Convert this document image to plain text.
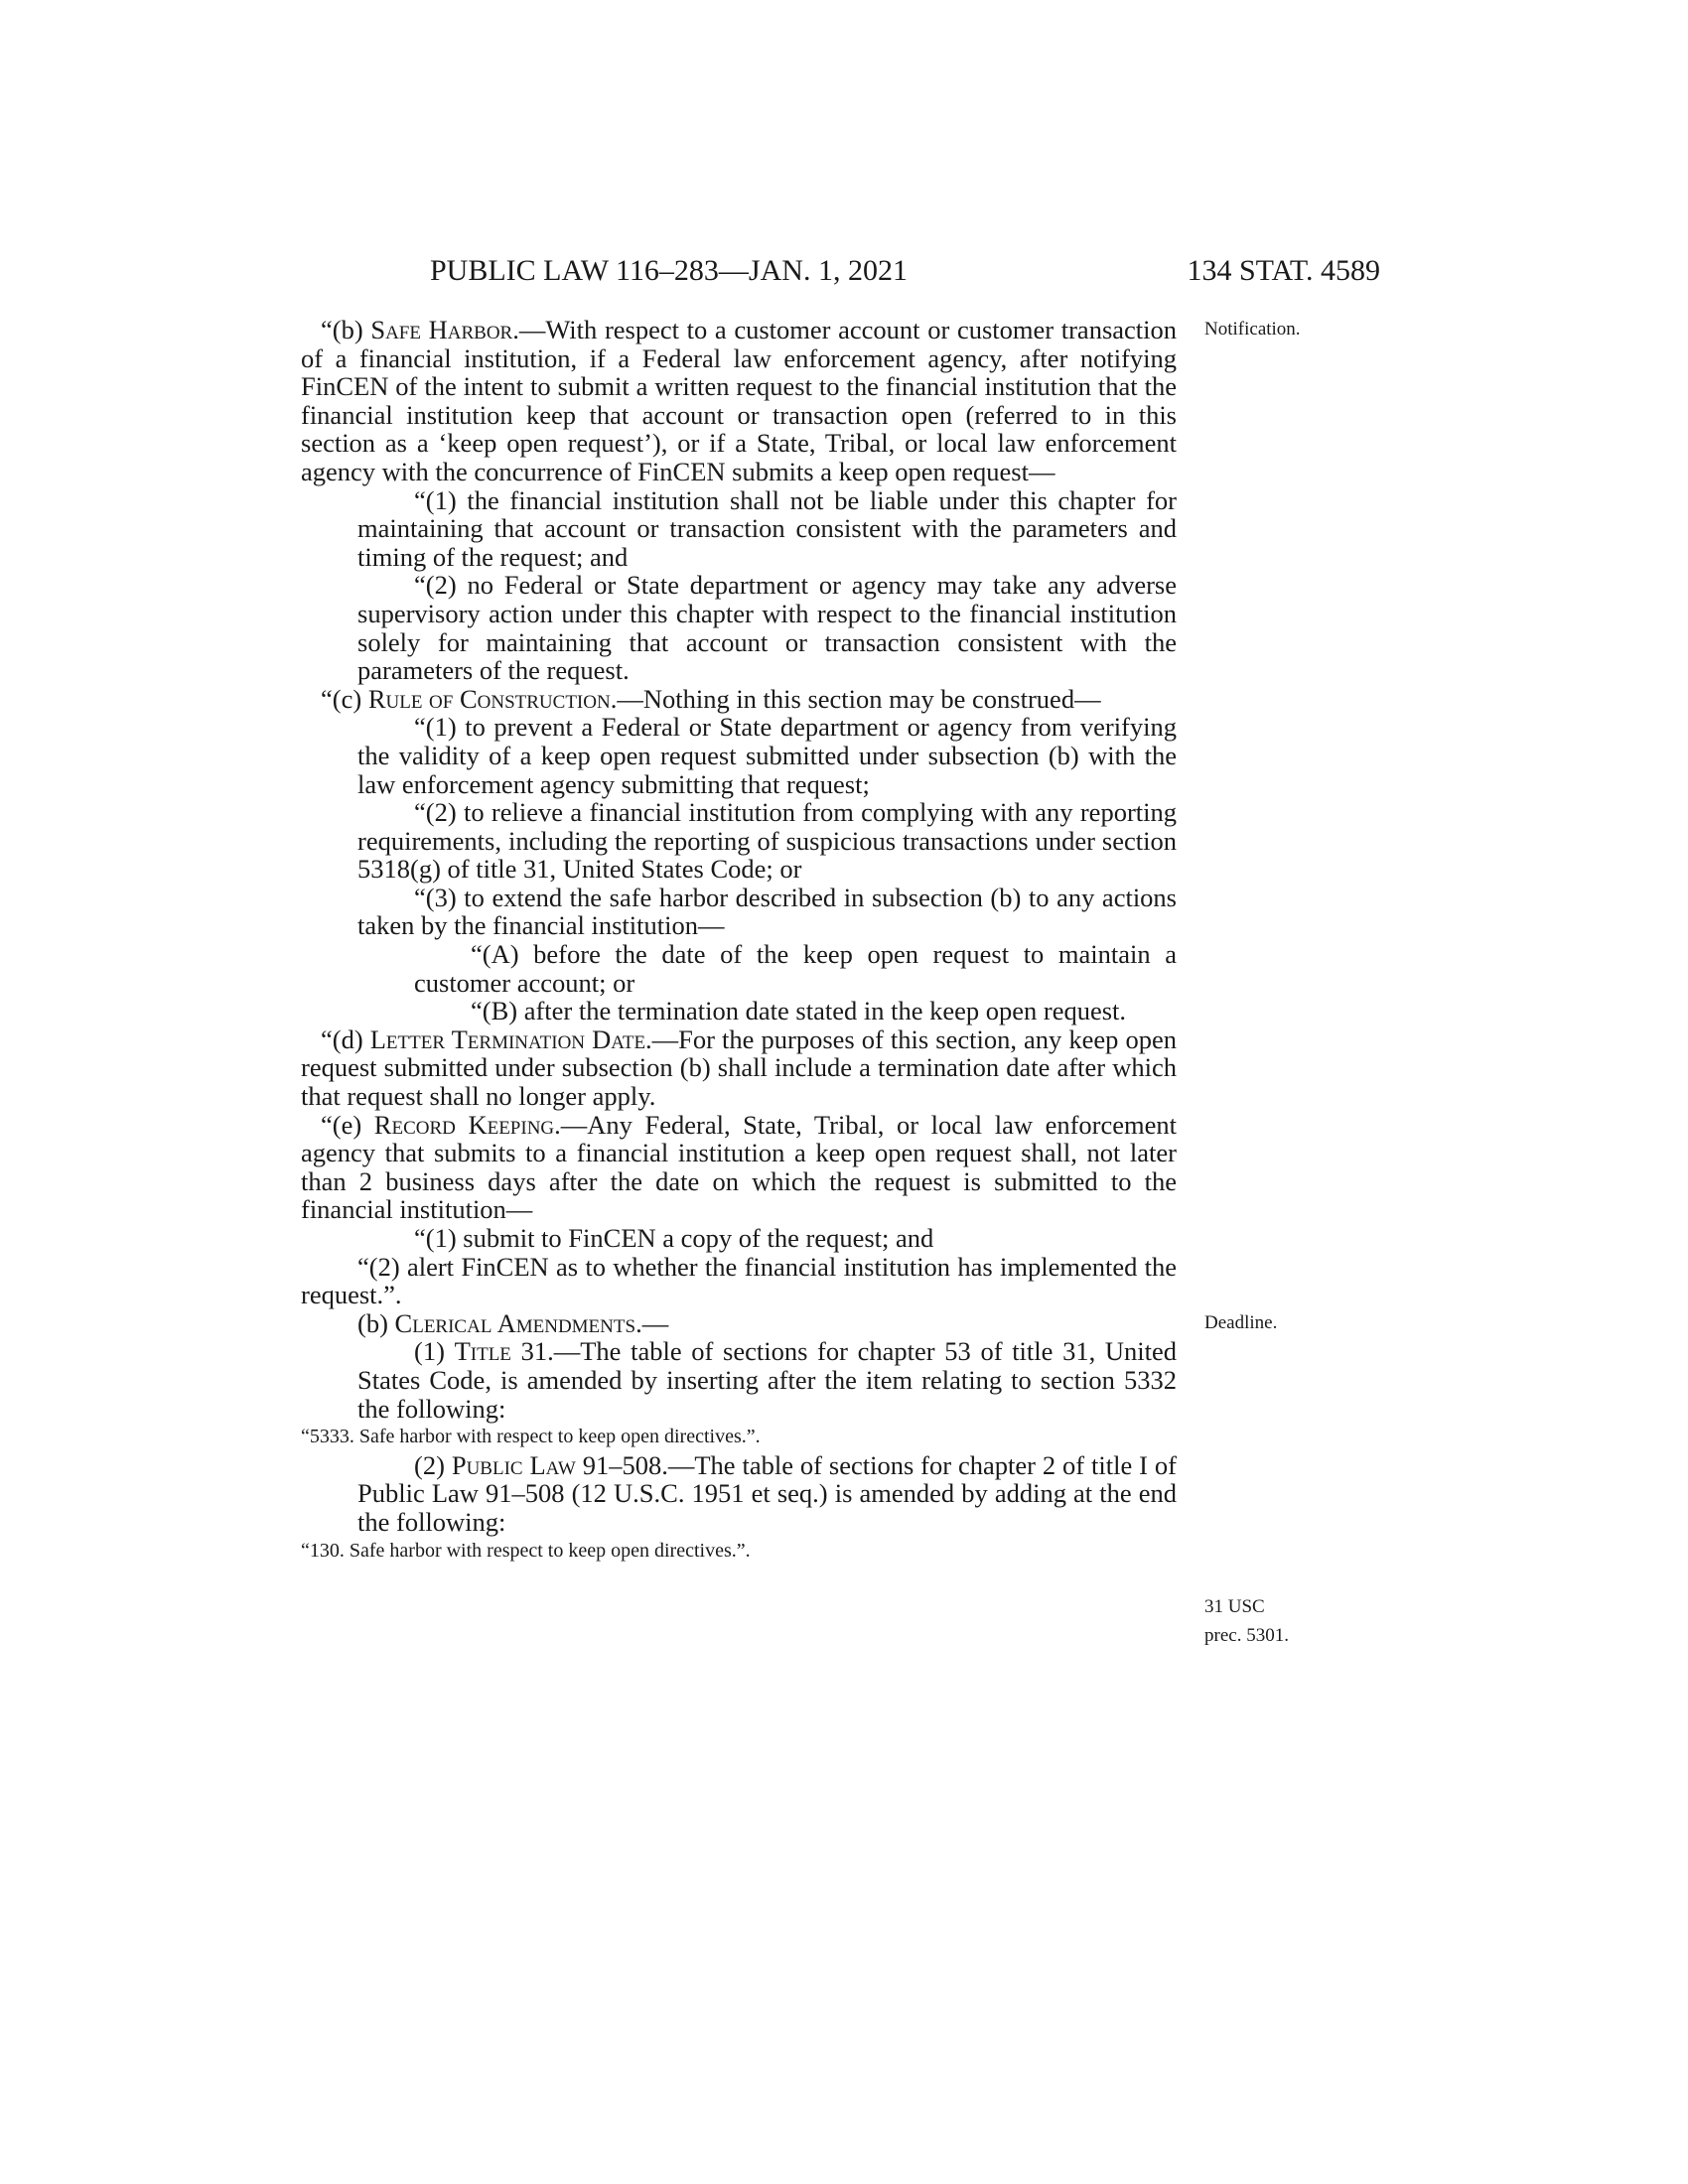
PUBLIC LAW 116–283—JAN. 1, 2021	134 STAT. 4589
Notification.
Deadline.
31 USC
prec. 5301.

“(b) Safe Harbor.—With respect to a customer account or customer transaction of a financial institution, if a Federal law enforcement agency, after notifying FinCEN of the intent to submit a written request to the financial institution that the financial institution keep that account or transaction open (referred to in this section as a ‘keep open request’), or if a State, Tribal, or local law enforcement agency with the concurrence of FinCEN submits a keep open request—

“(1) the financial institution shall not be liable under this chapter for maintaining that account or transaction consistent with the parameters and timing of the request; and

“(2) no Federal or State department or agency may take any adverse supervisory action under this chapter with respect to the financial institution solely for maintaining that account or transaction consistent with the parameters of the request.

“(c) Rule of Construction.—Nothing in this section may be construed—

“(1) to prevent a Federal or State department or agency from verifying the validity of a keep open request submitted under subsection (b) with the law enforcement agency submitting that request;

“(2) to relieve a financial institution from complying with any reporting requirements, including the reporting of suspicious transactions under section 5318(g) of title 31, United States Code; or

“(3) to extend the safe harbor described in subsection (b) to any actions taken by the financial institution—

“(A) before the date of the keep open request to maintain a customer account; or

“(B) after the termination date stated in the keep open request.

“(d) Letter Termination Date.—For the purposes of this section, any keep open request submitted under subsection (b) shall include a termination date after which that request shall no longer apply.

“(e) Record Keeping.—Any Federal, State, Tribal, or local law enforcement agency that submits to a financial institution a keep open request shall, not later than 2 business days after the date on which the request is submitted to the financial institution—

“(1) submit to FinCEN a copy of the request; and

“(2) alert FinCEN as to whether the financial institution has implemented the request.”.

(b) Clerical Amendments.—

(1) Title 31.—The table of sections for chapter 53 of title 31, United States Code, is amended by inserting after the item relating to section 5332 the following:

“5333. Safe harbor with respect to keep open directives.”.

(2) Public Law 91–508.—The table of sections for chapter 2 of title I of Public Law 91–508 (12 U.S.C. 1951 et seq.) is amended by adding at the end the following:

“130. Safe harbor with respect to keep open directives.”.
